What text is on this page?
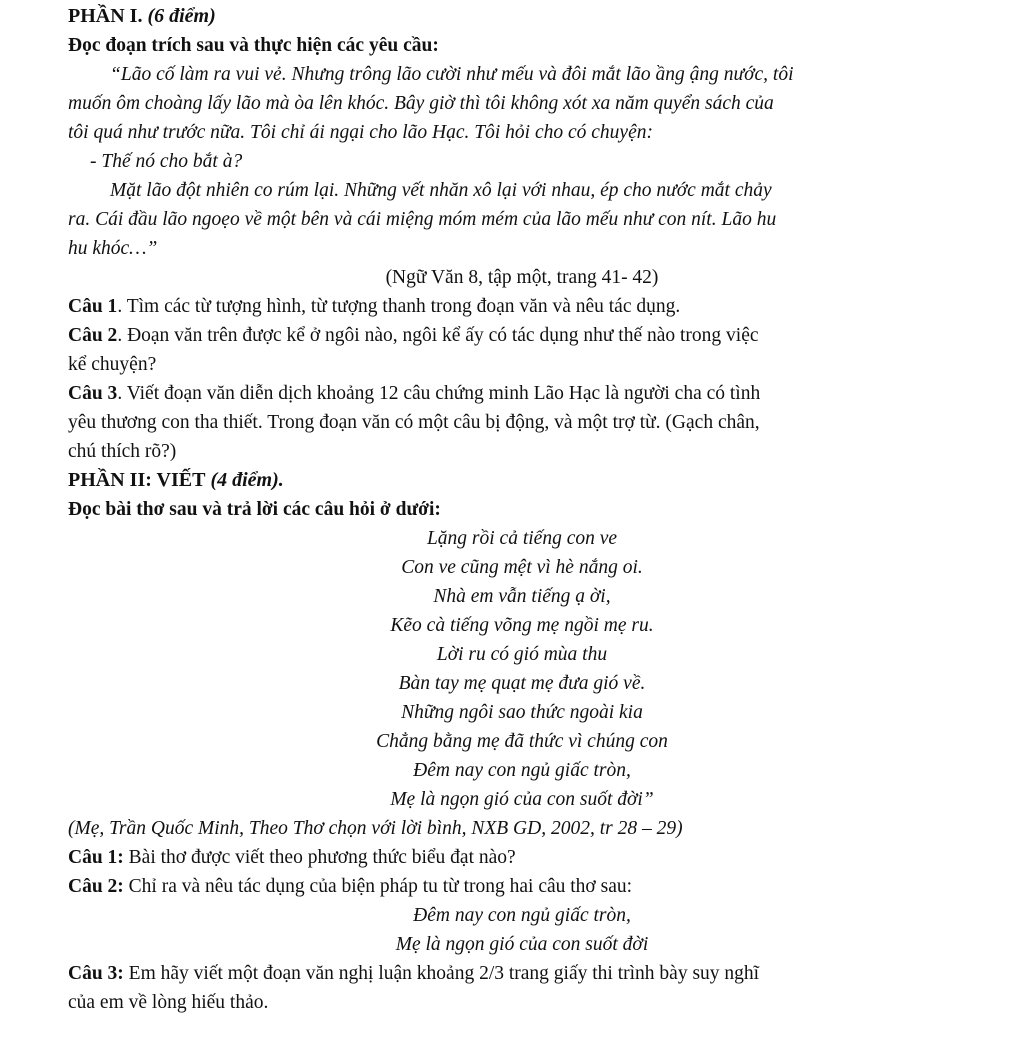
PHẦN I. (6 điểm)
Đọc đoạn trích sau và thực hiện các yêu cầu:
“Lão cố làm ra vui vẻ. Nhưng trông lão cười như mếu và đôi mắt lão ầng ậng nước, tôi
muốn ôm choàng lấy lão mà òa lên khóc. Bây giờ thì tôi không xót xa năm quyển sách của
tôi quá như trước nữa. Tôi chỉ ái ngại cho lão Hạc. Tôi hỏi cho có chuyện:
- Thế nó cho bắt à?
Mặt lão đột nhiên co rúm lại. Những vết nhăn xô lại với nhau, ép cho nước mắt chảy
ra. Cái đầu lão ngoẹo về một bên và cái miệng móm mém của lão mếu như con nít. Lão hu
hu khóc…”
(Ngữ Văn 8, tập một, trang 41- 42)
Câu 1. Tìm các từ tượng hình, từ tượng thanh trong đoạn văn và nêu tác dụng.
Câu 2. Đoạn văn trên được kể ở ngôi nào, ngôi kể ấy có tác dụng như thế nào trong việc
kể chuyện?
Câu 3. Viết đoạn văn diễn dịch khoảng 12 câu chứng minh Lão Hạc là người cha có tình
yêu thương con tha thiết. Trong đoạn văn có một câu bị động, và một trợ từ. (Gạch chân,
chú thích rõ?)
PHẦN II: VIẾT (4 điểm).
Đọc bài thơ sau và trả lời các câu hỏi ở dưới:
Lặng rồi cả tiếng con ve
Con ve cũng mệt vì hè nắng oi.
Nhà em vẫn tiếng ạ ời,
Kẽo cà tiếng võng mẹ ngồi mẹ ru.
Lời ru có gió mùa thu
Bàn tay mẹ quạt mẹ đưa gió về.
Những ngôi sao thức ngoài kia
Chẳng bằng mẹ đã thức vì chúng con
Đêm nay con ngủ giấc tròn,
Mẹ là ngọn gió của con suốt đời”
(Mẹ, Trần Quốc Minh, Theo Thơ chọn với lời bình, NXB GD, 2002, tr 28 – 29)
Câu 1: Bài thơ được viết theo phương thức biểu đạt nào?
Câu 2: Chỉ ra và nêu tác dụng của biện pháp tu từ trong hai câu thơ sau:
Đêm nay con ngủ giấc tròn,
Mẹ là ngọn gió của con suốt đời
Câu 3: Em hãy viết một đoạn văn nghị luận khoảng 2/3 trang giấy thi trình bày suy nghĩ
của em về lòng hiếu thảo.
